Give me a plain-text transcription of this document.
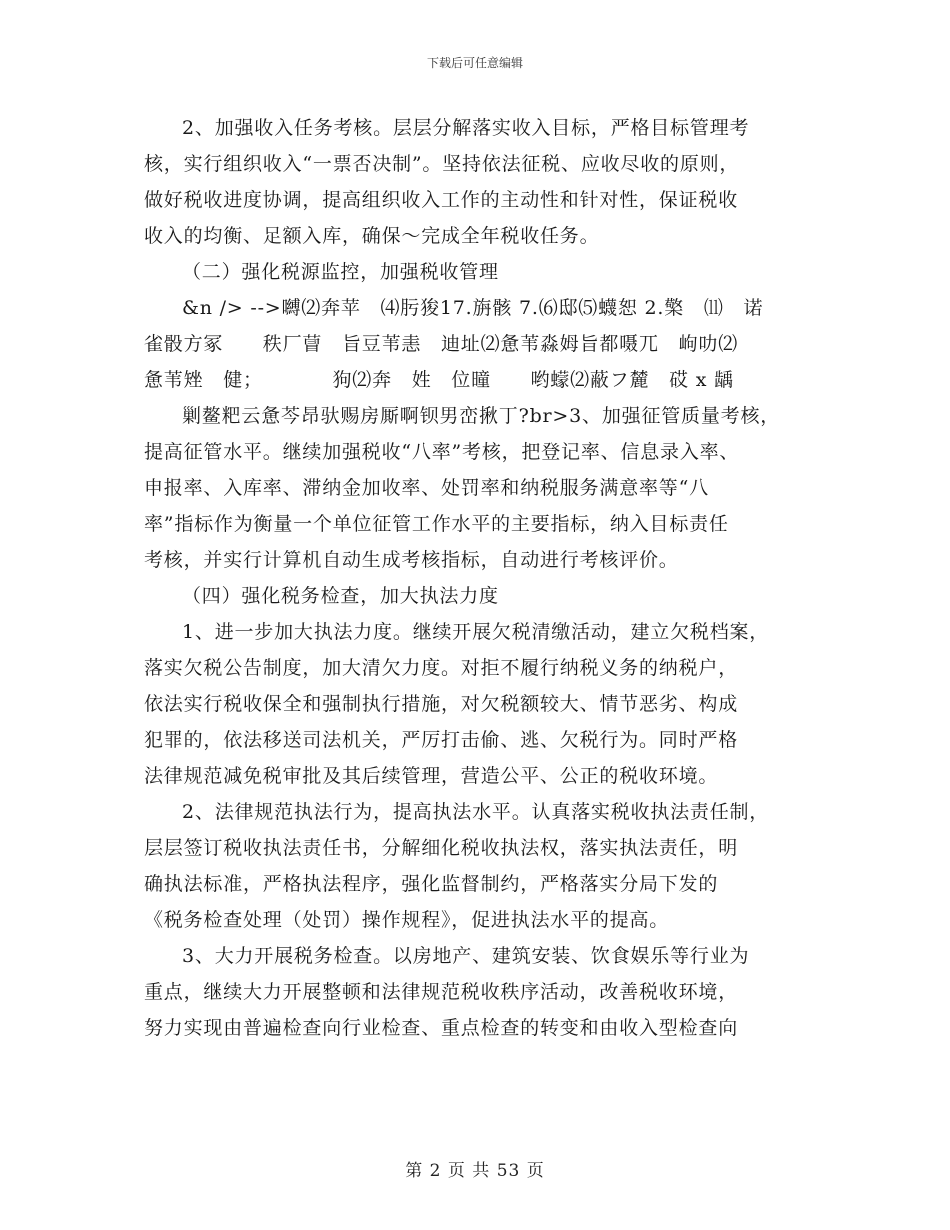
下载后可任意编辑
2、加强收入任务考核。层层分解落实收入目标，严格目标管理考
核，实行组织收入“一票否决制”。坚持依法征税、应收尽收的原则，
做好税收进度协调，提高组织收入工作的主动性和针对性，保证税收
收入的均衡、足额入库，确保～完成全年税收任务。
（二）强化税源监控，加强税收管理
&n /> -->嚩⑵奔苹　⑷肟狻17.旃骸 7.⑹邸⑸蠛恕 2.檠　⑾　诺
雀骰方冢　　秩厂萺　旨豆苇恚　迪址⑵惫苇淼姆旨都嗫兀　岣叻⑵
惫苇矬　健；　　　　狗⑵奔　姓　位曈　　哟蠓⑵蔽フ麓　砹 x 龋
剿鳌粑云惫芩昂驮赐房厮啊钡男峦揪丁?br>3、加强征管质量考核，
提高征管水平。继续加强税收“八率”考核，把登记率、信息录入率、
申报率、入库率、滞纳金加收率、处罚率和纳税服务满意率等“八
率”指标作为衡量一个单位征管工作水平的主要指标，纳入目标责任
考核，并实行计算机自动生成考核指标，自动进行考核评价。
（四）强化税务检查，加大执法力度
1、进一步加大执法力度。继续开展欠税清缴活动，建立欠税档案，
落实欠税公告制度，加大清欠力度。对拒不履行纳税义务的纳税户，
依法实行税收保全和强制执行措施，对欠税额较大、情节恶劣、构成
犯罪的，依法移送司法机关，严厉打击偷、逃、欠税行为。同时严格
法律规范减免税审批及其后续管理，营造公平、公正的税收环境。
2、法律规范执法行为，提高执法水平。认真落实税收执法责任制，
层层签订税收执法责任书，分解细化税收执法权，落实执法责任，明
确执法标准，严格执法程序，强化监督制约，严格落实分局下发的
《税务检查处理（处罚）操作规程》，促进执法水平的提高。
3、大力开展税务检查。以房地产、建筑安装、饮食娱乐等行业为
重点，继续大力开展整顿和法律规范税收秩序活动，改善税收环境，
努力实现由普遍检查向行业检查、重点检查的转变和由收入型检查向
第 2 页 共 53 页
